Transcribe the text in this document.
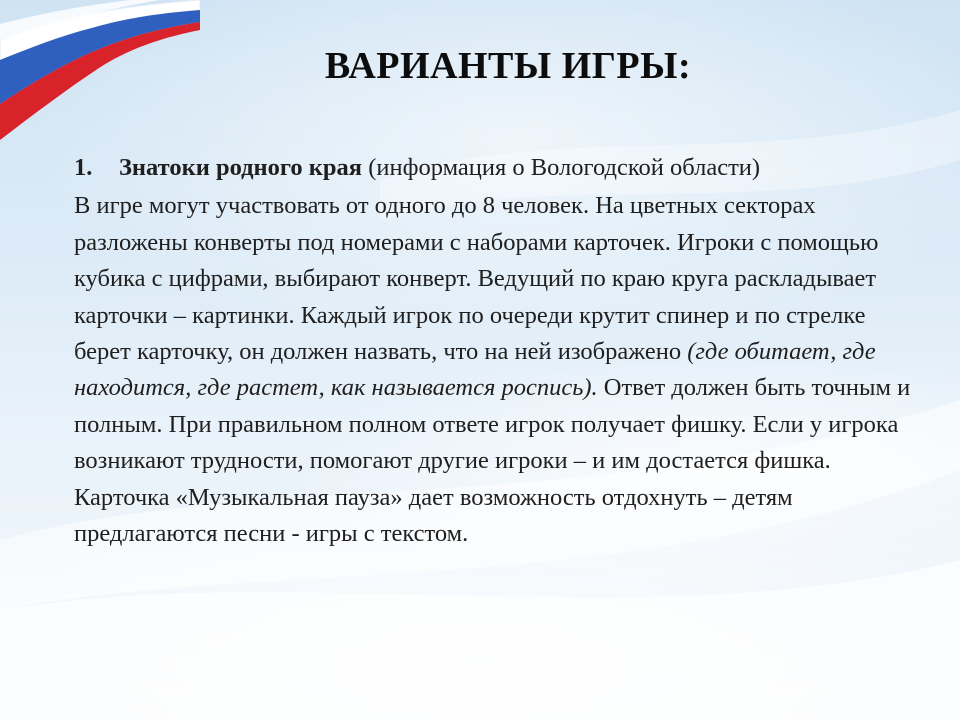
ВАРИАНТЫ ИГРЫ:

1. Знатоки родного края (информация о Вологодской области)

В игре могут участвовать от одного до 8 человек. На цветных секторах разложены конверты под номерами с наборами карточек. Игроки с помощью кубика с цифрами, выбирают конверт. Ведущий по краю круга раскладывает карточки – картинки. Каждый игрок по очереди крутит спинер и по стрелке берет карточку, он должен назвать, что на ней изображено (где обитает, где находится, где растет, как называется роспись). Ответ должен быть точным и полным. При правильном полном ответе игрок получает фишку. Если у игрока возникают трудности, помогают другие игроки – и им достается фишка. Карточка «Музыкальная пауза» дает возможность отдохнуть – детям предлагаются песни - игры с текстом.
